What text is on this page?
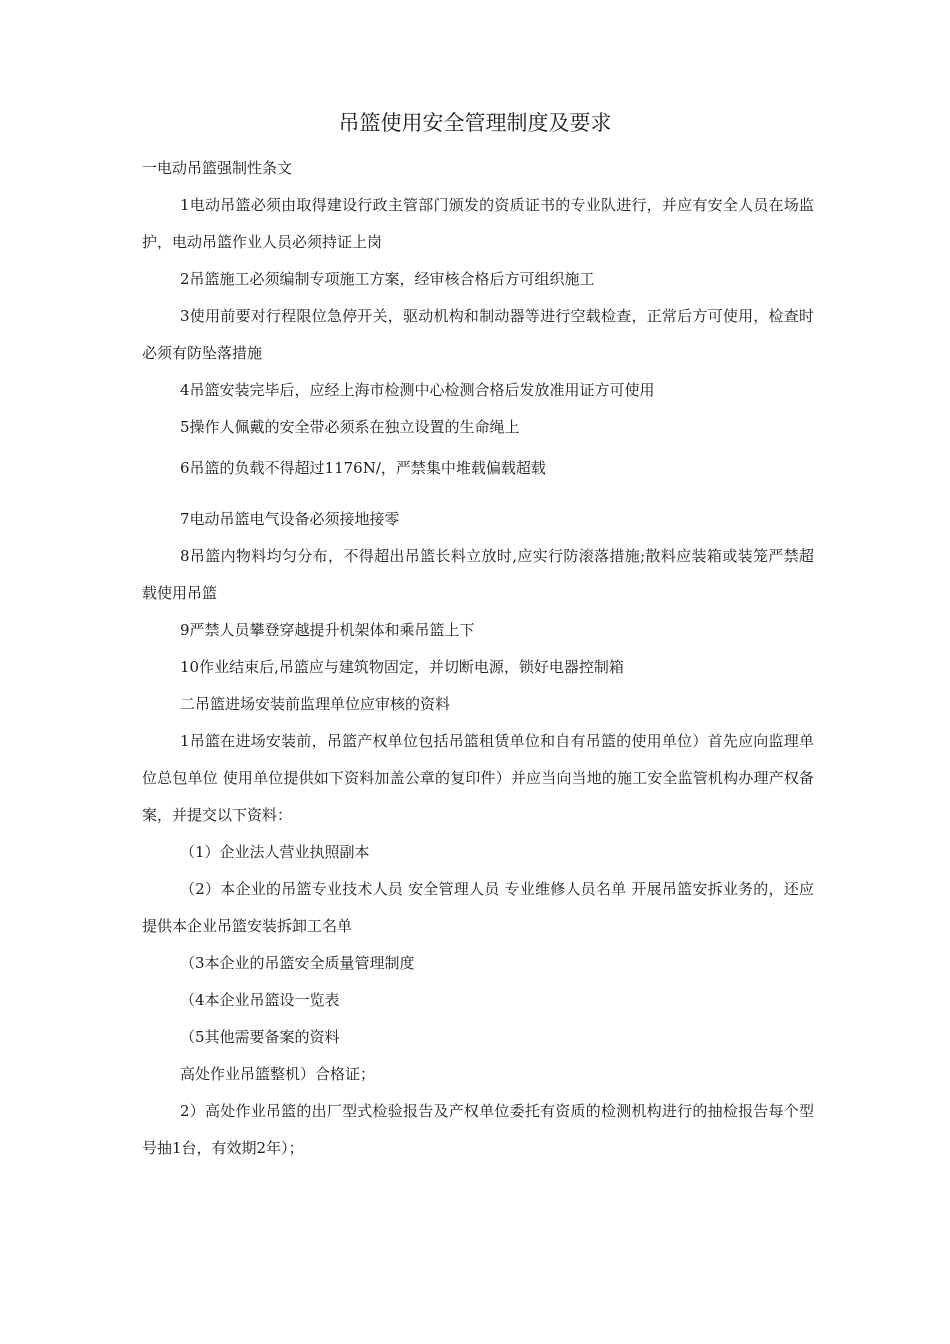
吊篮使用安全管理制度及要求

一电动吊篮强制性条文

1电动吊篮必须由取得建设行政主管部门颁发的资质证书的专业队进行，并应有安全人员在场监护，电动吊篮作业人员必须持证上岗

2吊篮施工必须编制专项施工方案，经审核合格后方可组织施工

3使用前要对行程限位急停开关，驱动机构和制动器等进行空载检查，正常后方可使用，检查时必须有防坠落措施

4吊篮安装完毕后，应经上海市检测中心检测合格后发放准用证方可使用

5操作人佩戴的安全带必须系在独立设置的生命绳上

6吊篮的负载不得超过1176N/，严禁集中堆载偏载超载

7电动吊篮电气设备必须接地接零

8吊篮内物料均匀分布，不得超出吊篮长料立放时,应实行防滚落措施;散料应装箱或装笼严禁超载使用吊篮

9严禁人员攀登穿越提升机架体和乘吊篮上下

10作业结束后,吊篮应与建筑物固定，并切断电源，锁好电器控制箱

二吊篮进场安装前监理单位应审核的资料

1吊篮在进场安装前，吊篮产权单位包括吊篮租赁单位和自有吊篮的使用单位）首先应向监理单位总包单位 使用单位提供如下资料加盖公章的复印件）并应当向当地的施工安全监管机构办理产权备案，并提交以下资料：

（1）企业法人营业执照副本

（2）本企业的吊篮专业技术人员 安全管理人员 专业维修人员名单 开展吊篮安拆业务的，还应提供本企业吊篮安装拆卸工名单

（3本企业的吊篮安全质量管理制度

（4本企业吊篮设一览表

（5其他需要备案的资料

高处作业吊篮整机）合格证；

2）高处作业吊篮的出厂型式检验报告及产权单位委托有资质的检测机构进行的抽检报告每个型号抽1台，有效期2年）；
